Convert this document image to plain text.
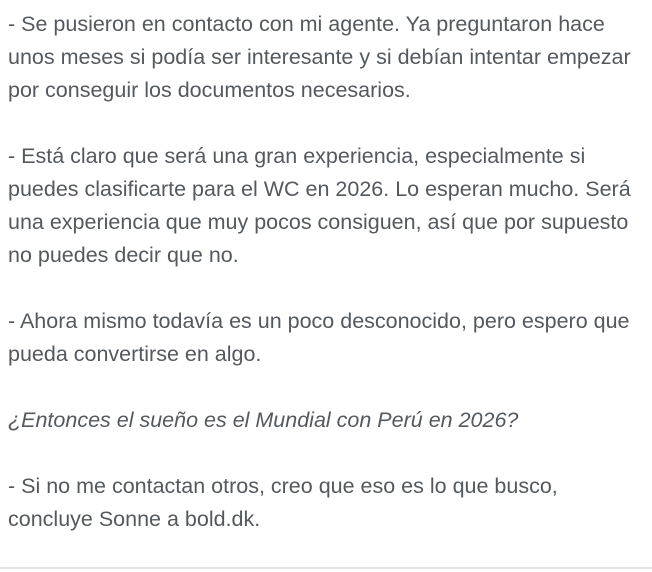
- Se pusieron en contacto con mi agente. Ya preguntaron hace unos meses si podía ser interesante y si debían intentar empezar por conseguir los documentos necesarios.

- Está claro que será una gran experiencia, especialmente si puedes clasificarte para el WC en 2026. Lo esperan mucho. Será una experiencia que muy pocos consiguen, así que por supuesto no puedes decir que no.

- Ahora mismo todavía es un poco desconocido, pero espero que pueda convertirse en algo.

¿Entonces el sueño es el Mundial con Perú en 2026?

- Si no me contactan otros, creo que eso es lo que busco, concluye Sonne a bold.dk.
